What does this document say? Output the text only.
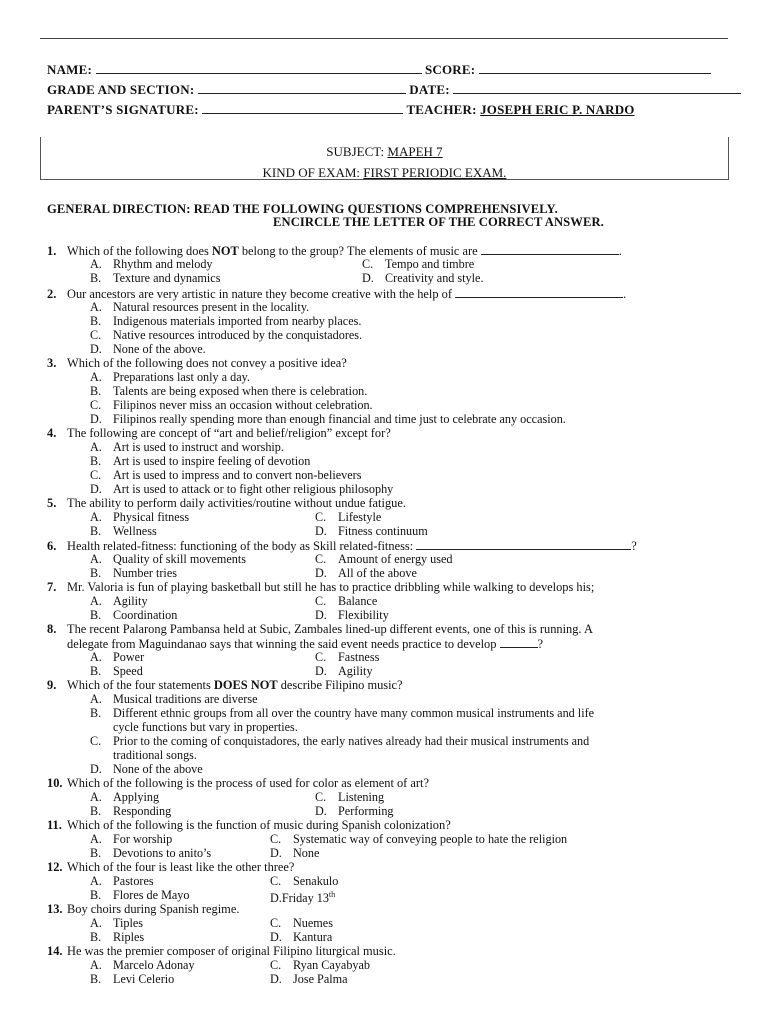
NAME:	SCORE:
GRADE AND SECTION:	DATE:
PARENT’S SIGNATURE:	TEACHER: JOSEPH ERIC P. NARDO
SUBJECT: MAPEH 7
KIND OF EXAM: FIRST PERIODIC EXAM.
GENERAL DIRECTION: READ THE FOLLOWING QUESTIONS COMPREHENSIVELY.
ENCIRCLE THE LETTER OF THE CORRECT ANSWER.
1. Which of the following does NOT belong to the group? The elements of music are	.
A. Rhythm and melody	C. Tempo and timbre
B. Texture and dynamics	D. Creativity and style.
2. Our ancestors are very artistic in nature they become creative with the help of	.
A. Natural resources present in the locality.
B. Indigenous materials imported from nearby places.
C. Native resources introduced by the conquistadores.
D. None of the above.
3. Which of the following does not convey a positive idea?
A. Preparations last only a day.
B. Talents are being exposed when there is celebration.
C. Filipinos never miss an occasion without celebration.
D. Filipinos really spending more than enough financial and time just to celebrate any occasion.
4. The following are concept of “art and belief/religion” except for?
A. Art is used to instruct and worship.
B. Art is used to inspire feeling of devotion
C. Art is used to impress and to convert non-believers
D. Art is used to attack or to fight other religious philosophy
5. The ability to perform daily activities/routine without undue fatigue.
A. Physical fitness	C. Lifestyle
B. Wellness	D. Fitness continuum
6. Health related-fitness: functioning of the body as Skill related-fitness:	?
A. Quality of skill movements	C. Amount of energy used
B. Number tries	D. All of the above
7. Mr. Valoria is fun of playing basketball but still he has to practice dribbling while walking to develops his;
A. Agility	C. Balance
B. Coordination	D. Flexibility
8. The recent Palarong Pambansa held at Subic, Zambales lined-up different events, one of this is running. A
delegate from Maguindanao says that winning the said event needs practice to develop	?
A. Power	C. Fastness
B. Speed	D. Agility
9. Which of the four statements DOES NOT describe Filipino music?
A. Musical traditions are diverse
B. Different ethnic groups from all over the country have many common musical instruments and life
cycle functions but vary in properties.
C. Prior to the coming of conquistadores, the early natives already had their musical instruments and
traditional songs.
D. None of the above
10. Which of the following is the process of used for color as element of art?
A. Applying	C. Listening
B. Responding	D. Performing
11. Which of the following is the function of music during Spanish colonization?
A. For worship	C. Systematic way of conveying people to hate the religion
B. Devotions to anito’s	D. None
12. Which of the four is least like the other three?
A. Pastores	C. Senakulo
B. Flores de Mayo	D.Friday 13th
13. Boy choirs during Spanish regime.
A. Tiples	C. Nuemes
B. Riples	D. Kantura
14. He was the premier composer of original Filipino liturgical music.
A. Marcelo Adonay	C. Ryan Cayabyab
B. Levi Celerio	D. Jose Palma
